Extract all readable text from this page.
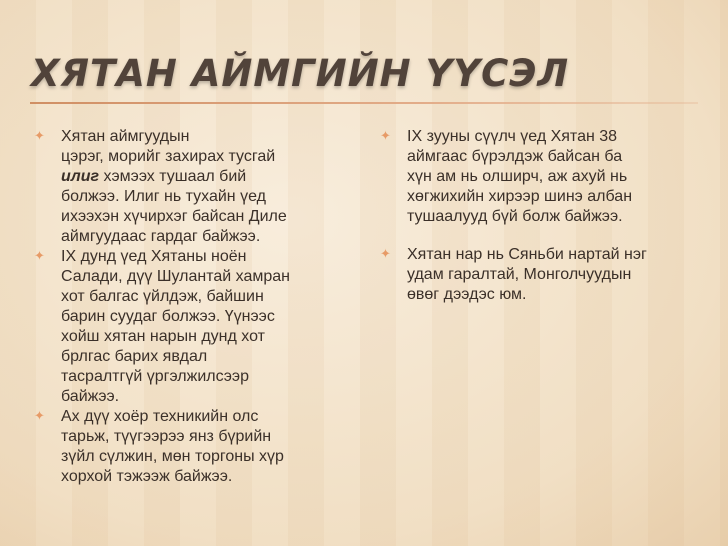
ХЯТАН АЙМГИЙН ҮҮСЭЛ
✦ Хятан аймгуудын
цэрэг, морийг захирах тусгай
илиг хэмээх тушаал бий
болжээ. Илиг нь тухайн үед
ихээхэн хүчирхэг байсан Диле
аймгуудаас гардаг байжээ.
✦ IX дунд үед Хятаны ноён
Салади, дүү Шулантай хамран
хот балгас үйлдэж, байшин
барин суудаг болжээ. Үүнээс
хойш хятан нарын дунд хот
брлгас барих явдал
тасралтгүй үргэлжилсээр
байжээ.
✦ Ах дүү хоёр техникийн олс
тарьж, түүгээрээ янз бүрийн
зүйл сүлжин, мөн торгоны хүр
хорхой тэжээж байжээ.
✦ IX зууны сүүлч үед Хятан 38
аймгаас бүрэлдэж байсан ба
хүн ам нь олширч, аж ахуй нь
хөгжихийн хирээр шинэ албан
тушаалууд бүй болж байжээ.
✦ Хятан нар нь Сяньби нартай нэг
удам гаралтай, Монголчуудын
өвөг дээдэс юм.
